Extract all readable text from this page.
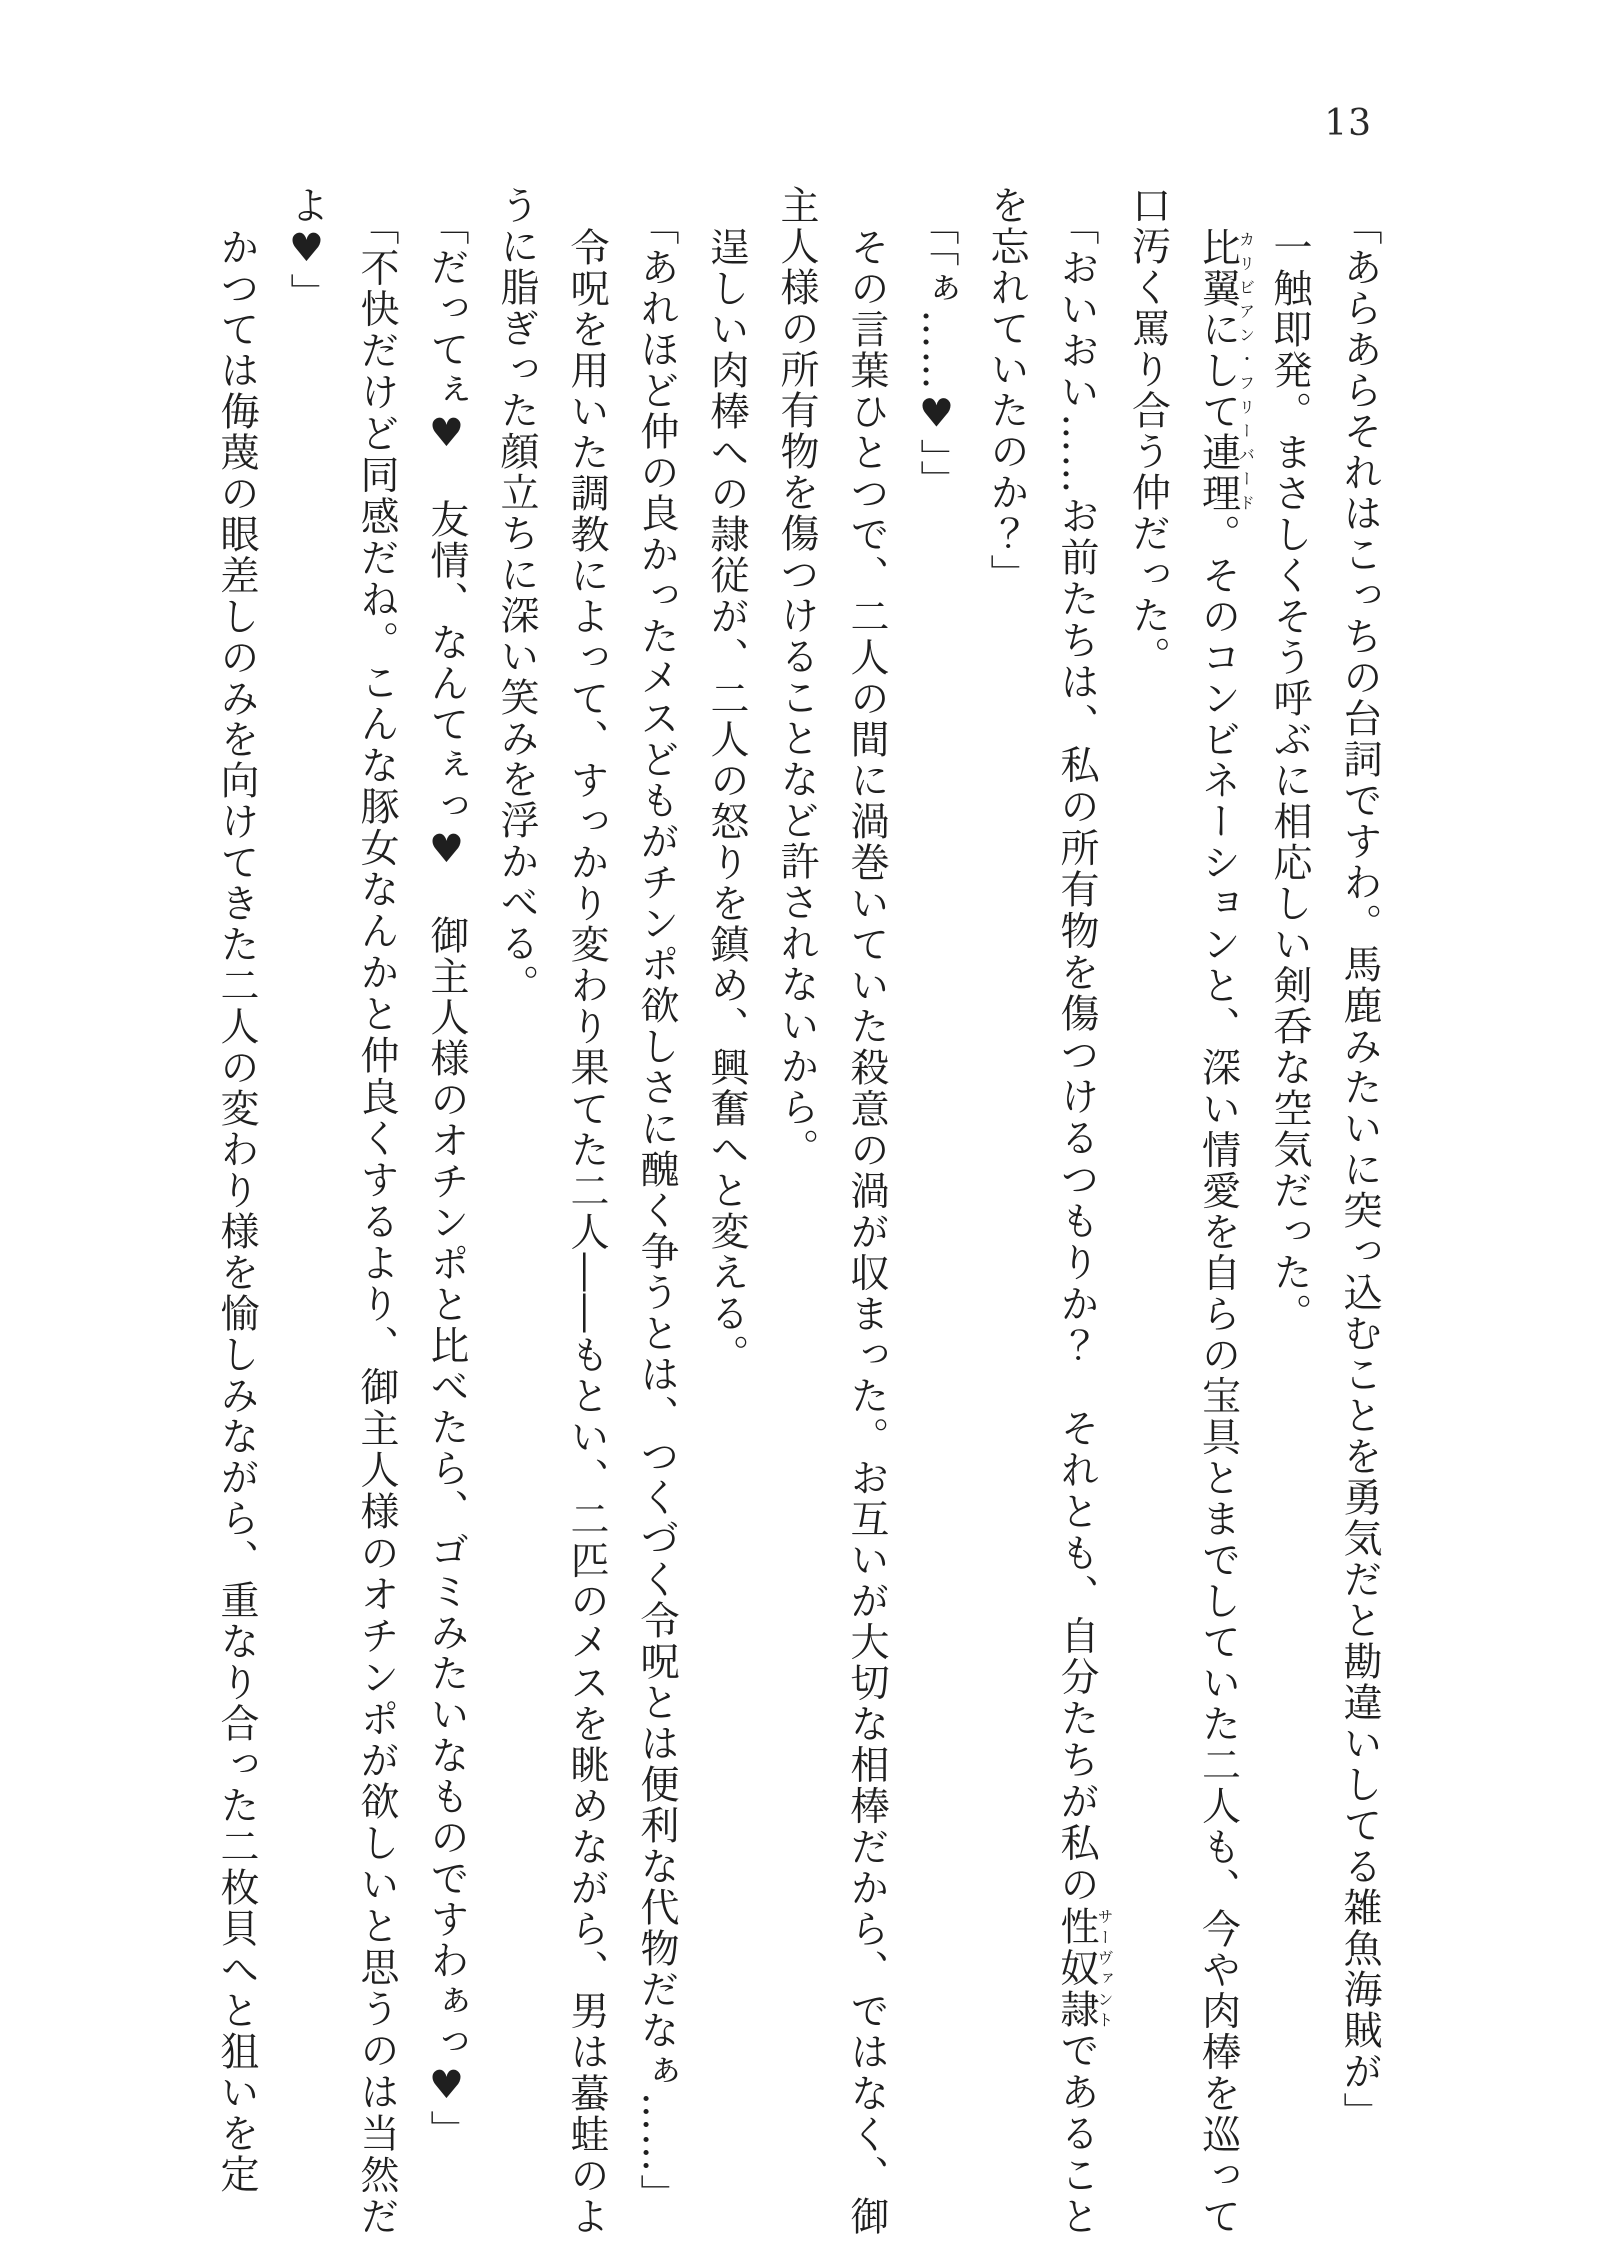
13

「あらあらそれはこっちの台詞ですわ。馬鹿みたいに突っ込むことを勇気だと勘違いしてる雑魚海賊が」

一触即発。まさしくそう呼ぶに相応しい剣呑な空気だった。

比翼にして連理カリビアン・フリーバード。そのコンビネーションと、深い情愛を自らの宝具とまでしていた二人も、今や肉棒を巡って口汚く罵り合う仲だった。

「おいおい……お前たちは、私の所有物を傷つけるつもりか？　それとも、自分たちが私の性奴隷サーヴァントであることを忘れていたのか？」

「「ぁ……♥」」

その言葉ひとつで、二人の間に渦巻いていた殺意の渦が収まった。お互いが大切な相棒だから、ではなく、御主人様の所有物を傷つけることなど許されないから。

逞しい肉棒への隷従が、二人の怒りを鎮め、興奮へと変える。

「あれほど仲の良かったメスどもがチンポ欲しさに醜く争うとは、つくづく令呪とは便利な代物だなぁ……」

令呪を用いた調教によって、すっかり変わり果てた二人――もとい、二匹のメスを眺めながら、男は蟇蛙のように脂ぎった顔立ちに深い笑みを浮かべる。

「だってぇ♥　友情、なんてぇっ♥　御主人様のオチンポと比べたら、ゴミみたいなものですわぁっ♥」

「不快だけど同感だね。こんな豚女なんかと仲良くするより、御主人様のオチンポが欲しいと思うのは当然だよ♥」

かつては侮蔑の眼差しのみを向けてきた二人の変わり様を愉しみながら、重なり合った二枚貝へと狙いを定
